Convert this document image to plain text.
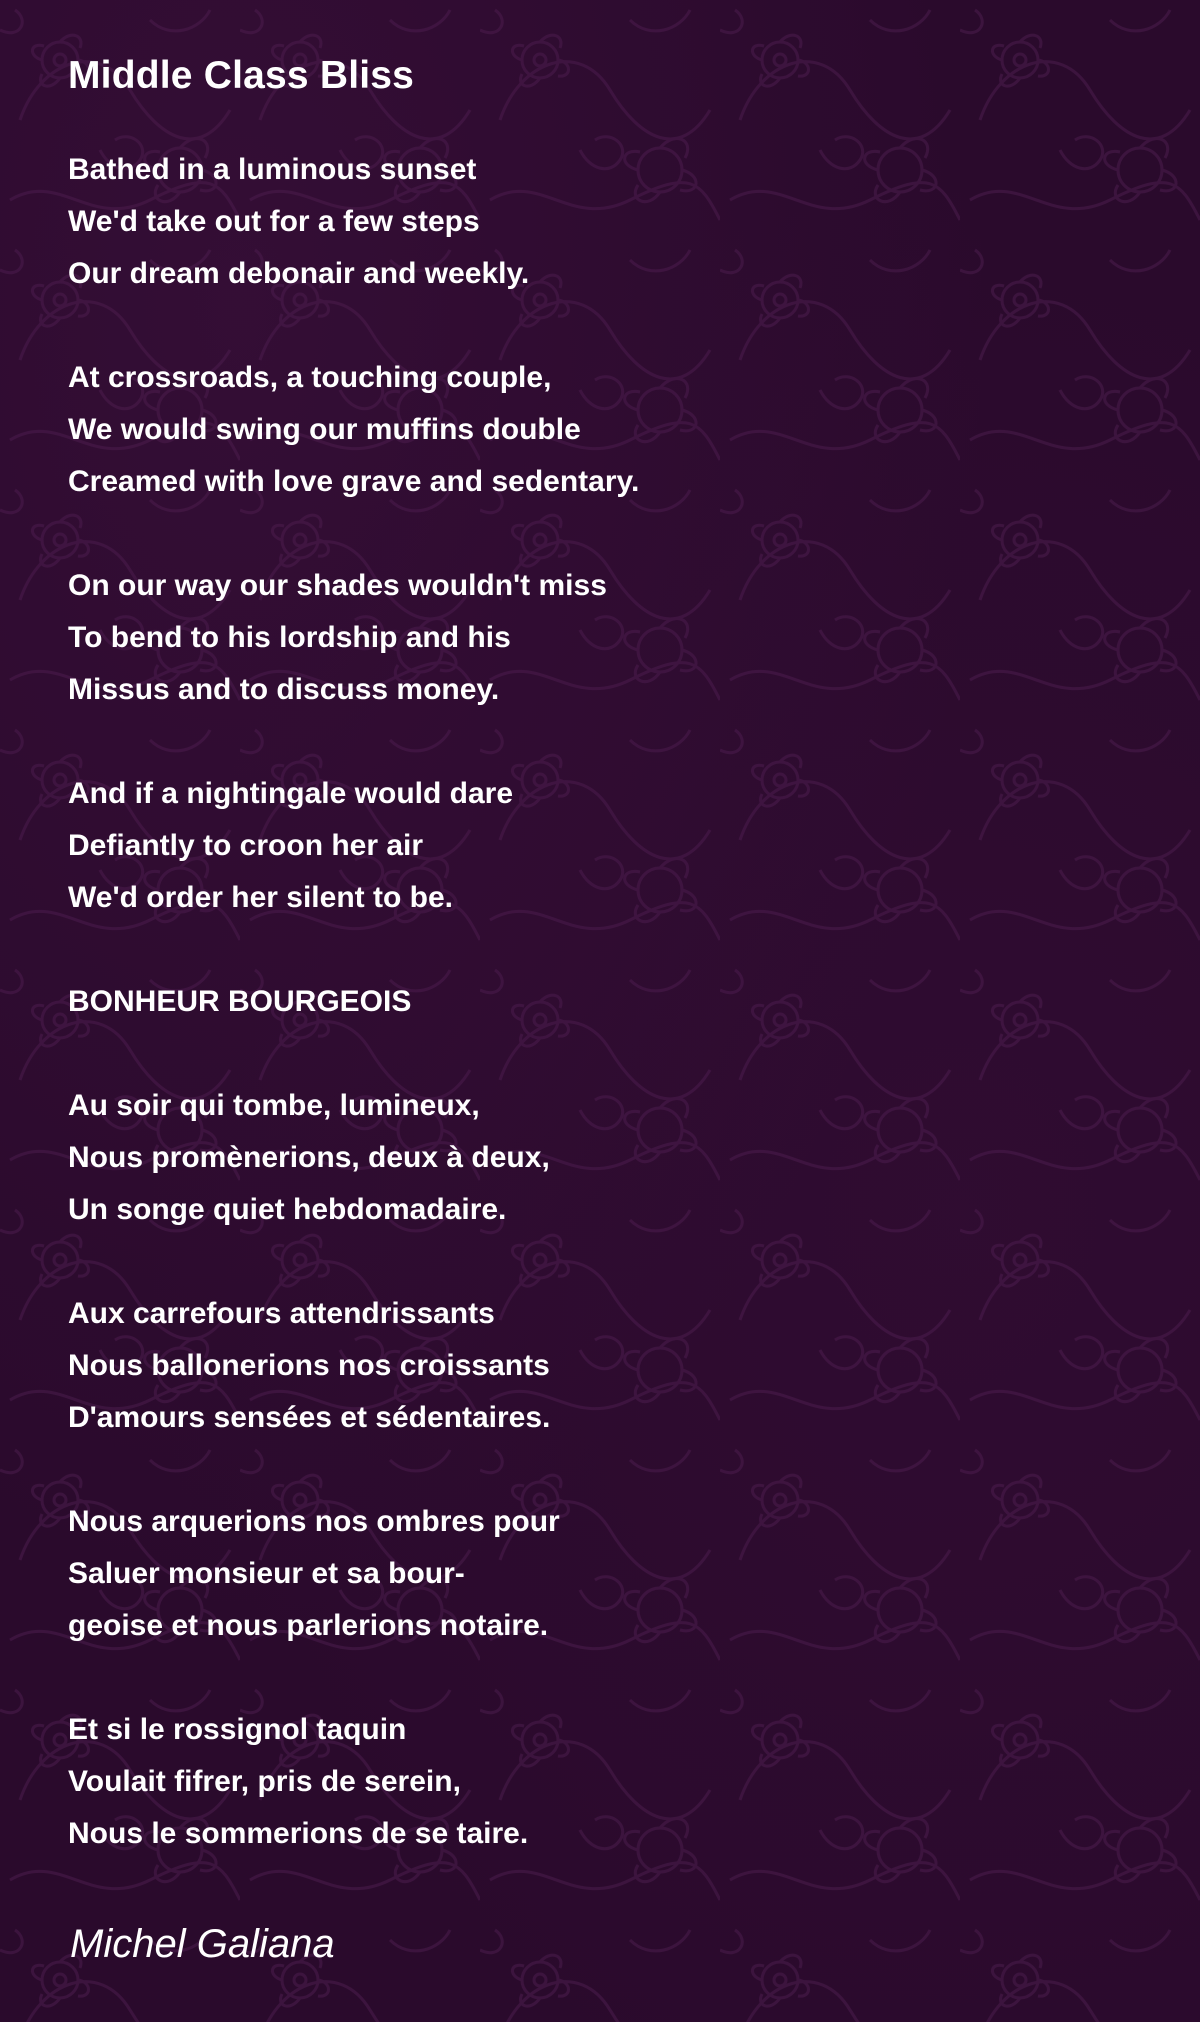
Middle Class Bliss
Bathed in a luminous sunset
We'd take out for a few steps
Our dream debonair and weekly.
At crossroads, a touching couple,
We would swing our muffins double
Creamed with love grave and sedentary.
On our way our shades wouldn't miss
To bend to his lordship and his
Missus and to discuss money.
And if a nightingale would dare
Defiantly to croon her air
We'd order her silent to be.
BONHEUR BOURGEOIS
Au soir qui tombe, lumineux,
Nous promènerions, deux à deux,
Un songe quiet hebdomadaire.
Aux carrefours attendrissants
Nous ballonerions nos croissants
D'amours sensées et sédentaires.
Nous arquerions nos ombres pour
Saluer monsieur et sa bour-
geoise et nous parlerions notaire.
Et si le rossignol taquin
Voulait fifrer, pris de serein,
Nous le sommerions de se taire.
Michel Galiana
